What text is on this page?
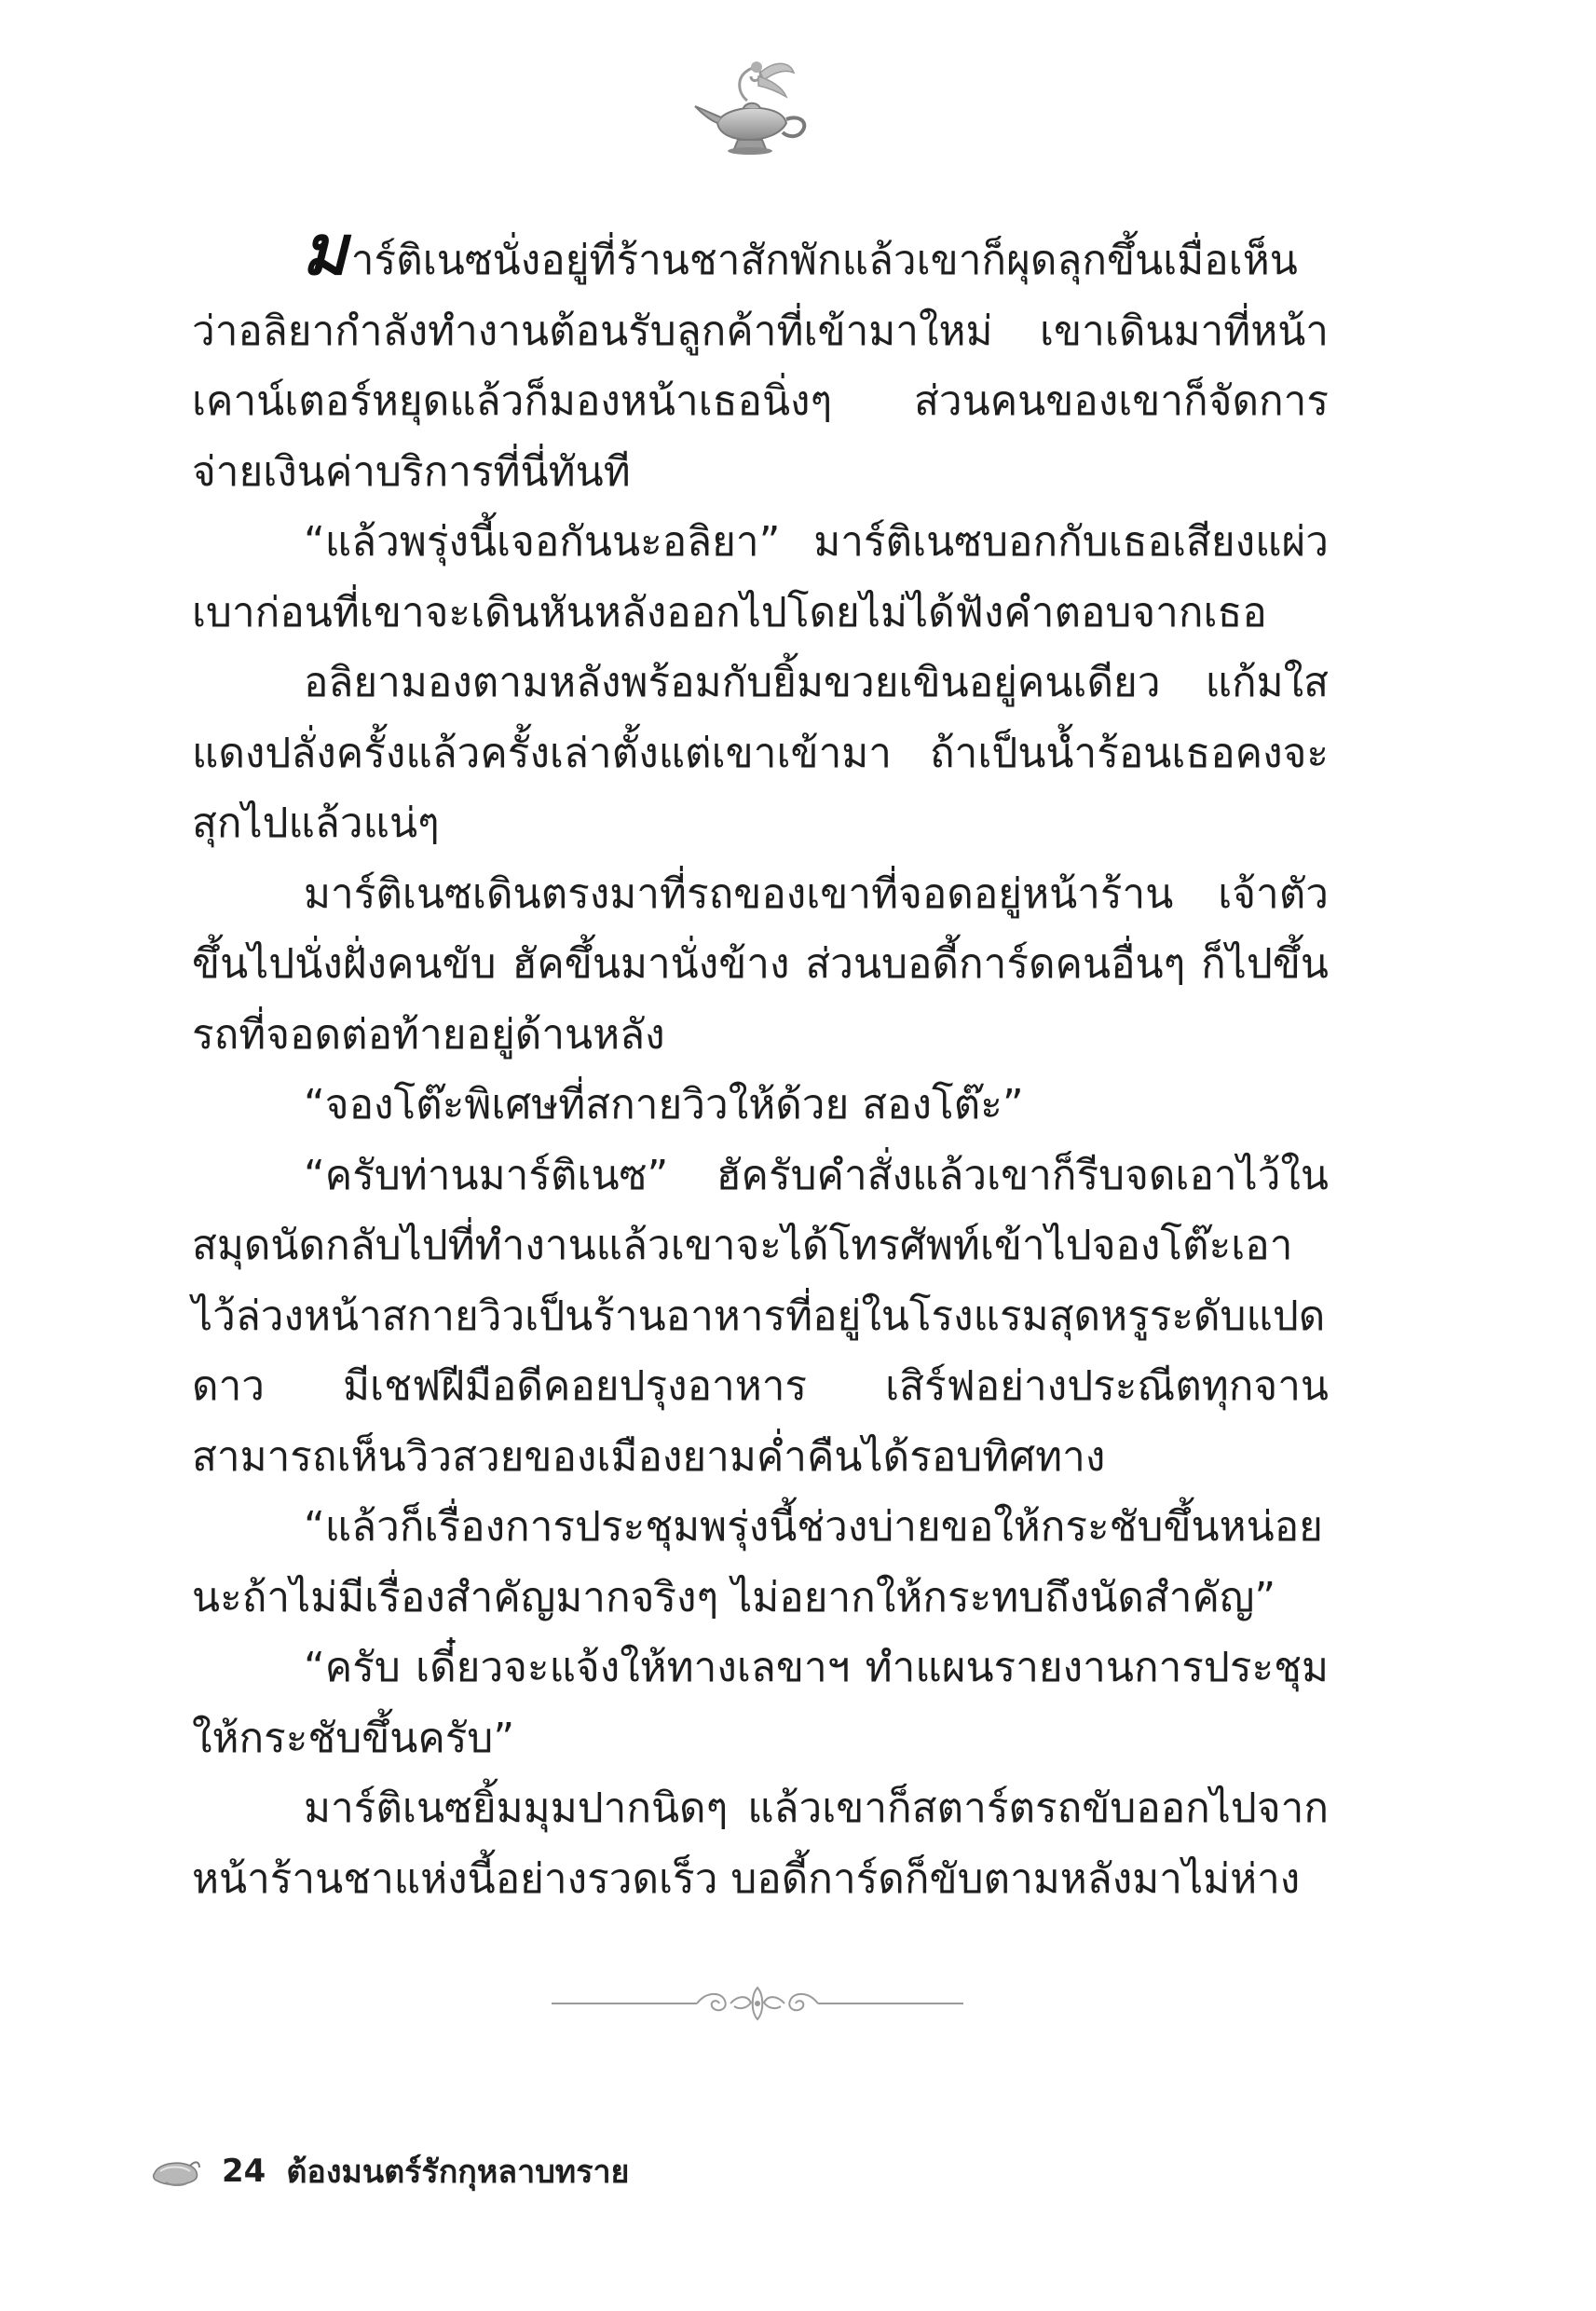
มาร์ติเนซนั่งอยู่ที่ร้านชาสักพักแล้วเขาก็ผุดลุกขึ้นเมื่อเห็นว่าอลิยากำลังทำงานต้อนรับลูกค้าที่เข้ามาใหม่ เขาเดินมาที่หน้าเคาน์เตอร์หยุดแล้วก็มองหน้าเธอนิ่งๆ ส่วนคนของเขาก็จัดการจ่ายเงินค่าบริการที่นี่ทันที

“แล้วพรุ่งนี้เจอกันนะอลิยา” มาร์ติเนซบอกกับเธอเสียงแผ่วเบาก่อนที่เขาจะเดินหันหลังออกไปโดยไม่ได้ฟังคำตอบจากเธอ

อลิยามองตามหลังพร้อมกับยิ้มขวยเขินอยู่คนเดียว แก้มใสแดงปลั่งครั้งแล้วครั้งเล่าตั้งแต่เขาเข้ามา ถ้าเป็นน้ำร้อนเธอคงจะสุกไปแล้วแน่ๆ

มาร์ติเนซเดินตรงมาที่รถของเขาที่จอดอยู่หน้าร้าน เจ้าตัวขึ้นไปนั่งฝั่งคนขับ ฮัคขึ้นมานั่งข้าง ส่วนบอดี้การ์ดคนอื่นๆ ก็ไปขึ้นรถที่จอดต่อท้ายอยู่ด้านหลัง

“จองโต๊ะพิเศษที่สกายวิวให้ด้วย สองโต๊ะ”

“ครับท่านมาร์ติเนซ” ฮัครับคำสั่งแล้วเขาก็รีบจดเอาไว้ในสมุดนัดกลับไปที่ทำงานแล้วเขาจะได้โทรศัพท์เข้าไปจองโต๊ะเอาไว้ล่วงหน้าสกายวิวเป็นร้านอาหารที่อยู่ในโรงแรมสุดหรูระดับแปดดาว มีเชฟฝีมือดีคอยปรุงอาหาร เสิร์ฟอย่างประณีตทุกจาน สามารถเห็นวิวสวยของเมืองยามค่ำคืนได้รอบทิศทาง

“แล้วก็เรื่องการประชุมพรุ่งนี้ช่วงบ่ายขอให้กระชับขึ้นหน่อยนะถ้าไม่มีเรื่องสำคัญมากจริงๆ ไม่อยากให้กระทบถึงนัดสำคัญ”

“ครับ เดี๋ยวจะแจ้งให้ทางเลขาฯ ทำแผนรายงานการประชุมให้กระชับขึ้นครับ”

มาร์ติเนซยิ้มมุมปากนิดๆ แล้วเขาก็สตาร์ตรถขับออกไปจากหน้าร้านชาแห่งนี้อย่างรวดเร็ว บอดี้การ์ดก็ขับตามหลังมาไม่ห่าง

24 ต้องมนตร์รักกุหลาบทราย
